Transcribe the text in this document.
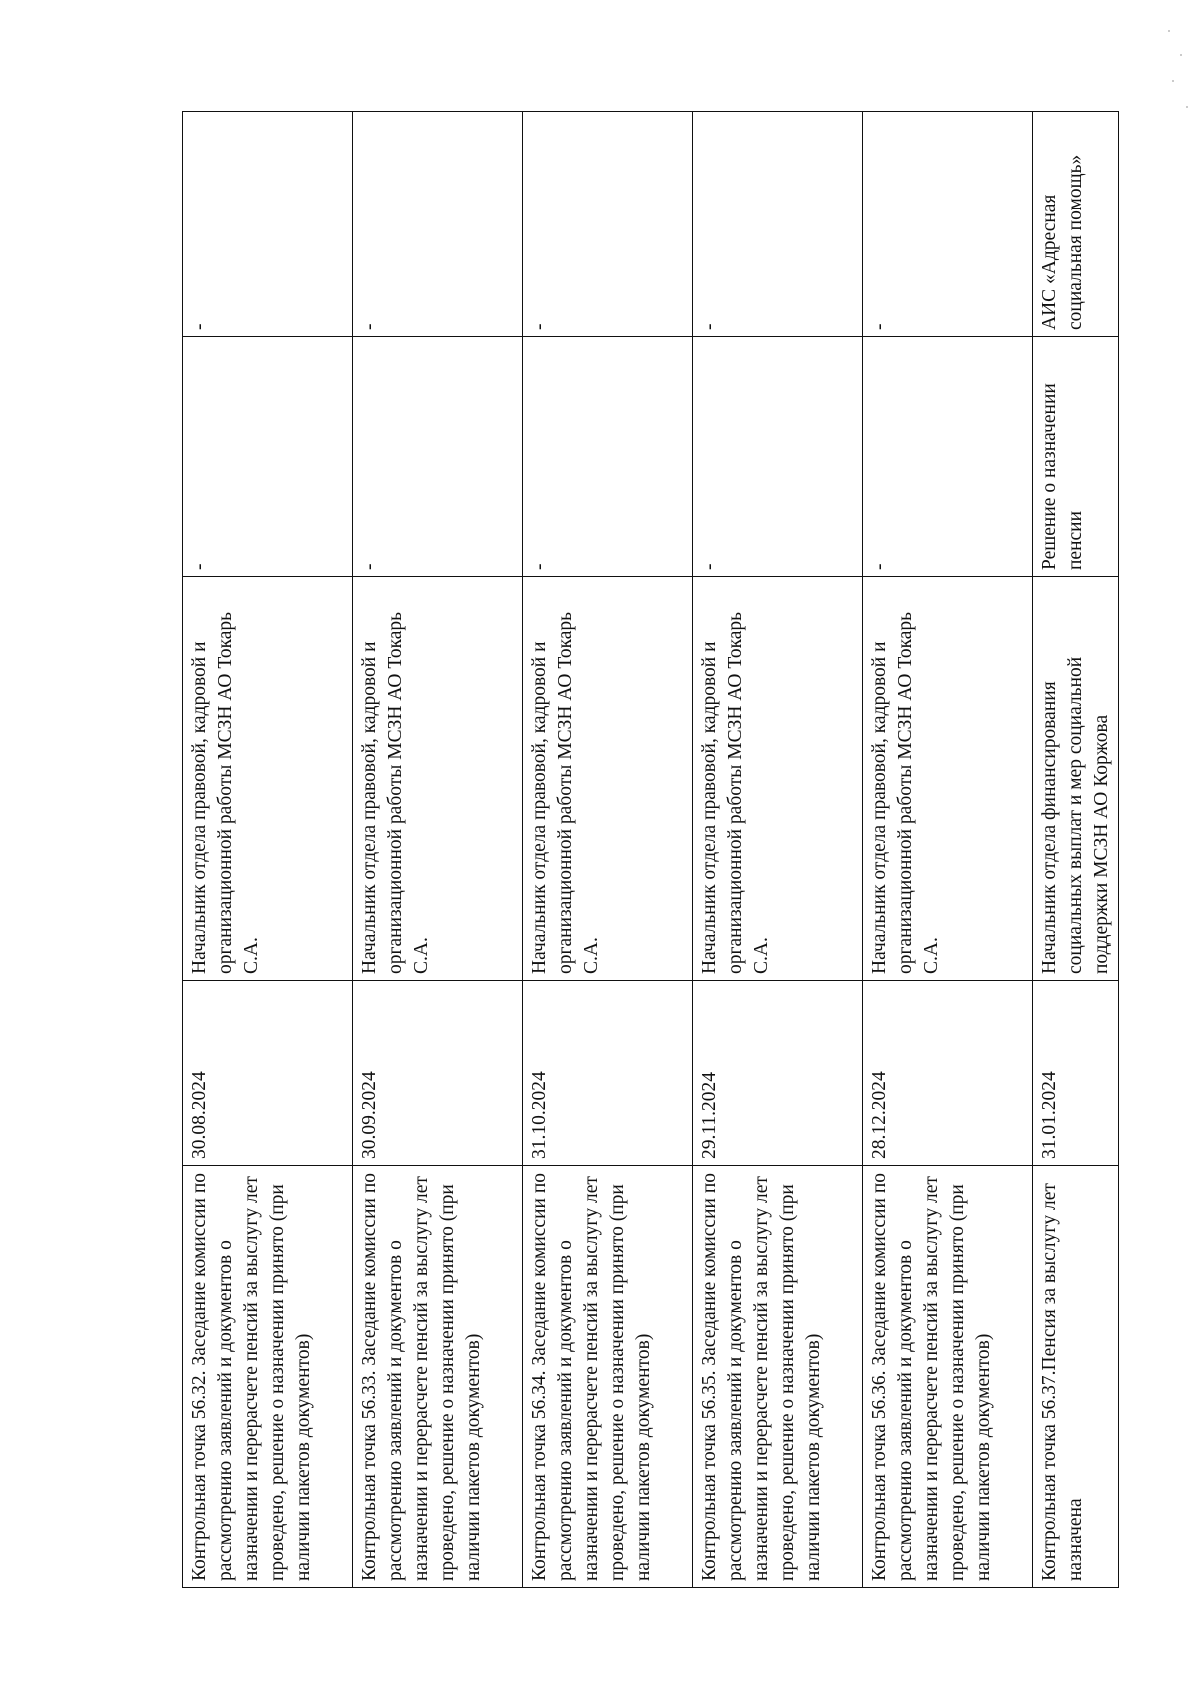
Контрольная точка 56.32. Заседание комиссии по рассмотрению заявлений и документов о назначении и перерасчете пенсий за выслугу лет проведено, решение о назначении принято (при наличии пакетов документов)	30.08.2024	Начальник отдела правовой, кадровой и организационной работы МСЗН АО Токарь С.А.	-	-
Контрольная точка 56.33. Заседание комиссии по рассмотрению заявлений и документов о назначении и перерасчете пенсий за выслугу лет проведено, решение о назначении принято (при наличии пакетов документов)	30.09.2024	Начальник отдела правовой, кадровой и организационной работы МСЗН АО Токарь С.А.	-	-
Контрольная точка 56.34. Заседание комиссии по рассмотрению заявлений и документов о назначении и перерасчете пенсий за выслугу лет проведено, решение о назначении принято (при наличии пакетов документов)	31.10.2024	Начальник отдела правовой, кадровой и организационной работы МСЗН АО Токарь С.А.	-	-
Контрольная точка 56.35. Заседание комиссии по рассмотрению заявлений и документов о назначении и перерасчете пенсий за выслугу лет проведено, решение о назначении принято (при наличии пакетов документов)	29.11.2024	Начальник отдела правовой, кадровой и организационной работы МСЗН АО Токарь С.А.	-	-
Контрольная точка 56.36. Заседание комиссии по рассмотрению заявлений и документов о назначении и перерасчете пенсий за выслугу лет проведено, решение о назначении принято (при наличии пакетов документов)	28.12.2024	Начальник отдела правовой, кадровой и организационной работы МСЗН АО Токарь С.А.	-	-
Контрольная точка 56.37.Пенсия за выслугу лет назначена	31.01.2024	Начальник отдела финансирования социальных выплат и мер социальной поддержки МСЗН АО Коржова	Решение о назначении пенсии	АИС «Адресная социальная помощь»
